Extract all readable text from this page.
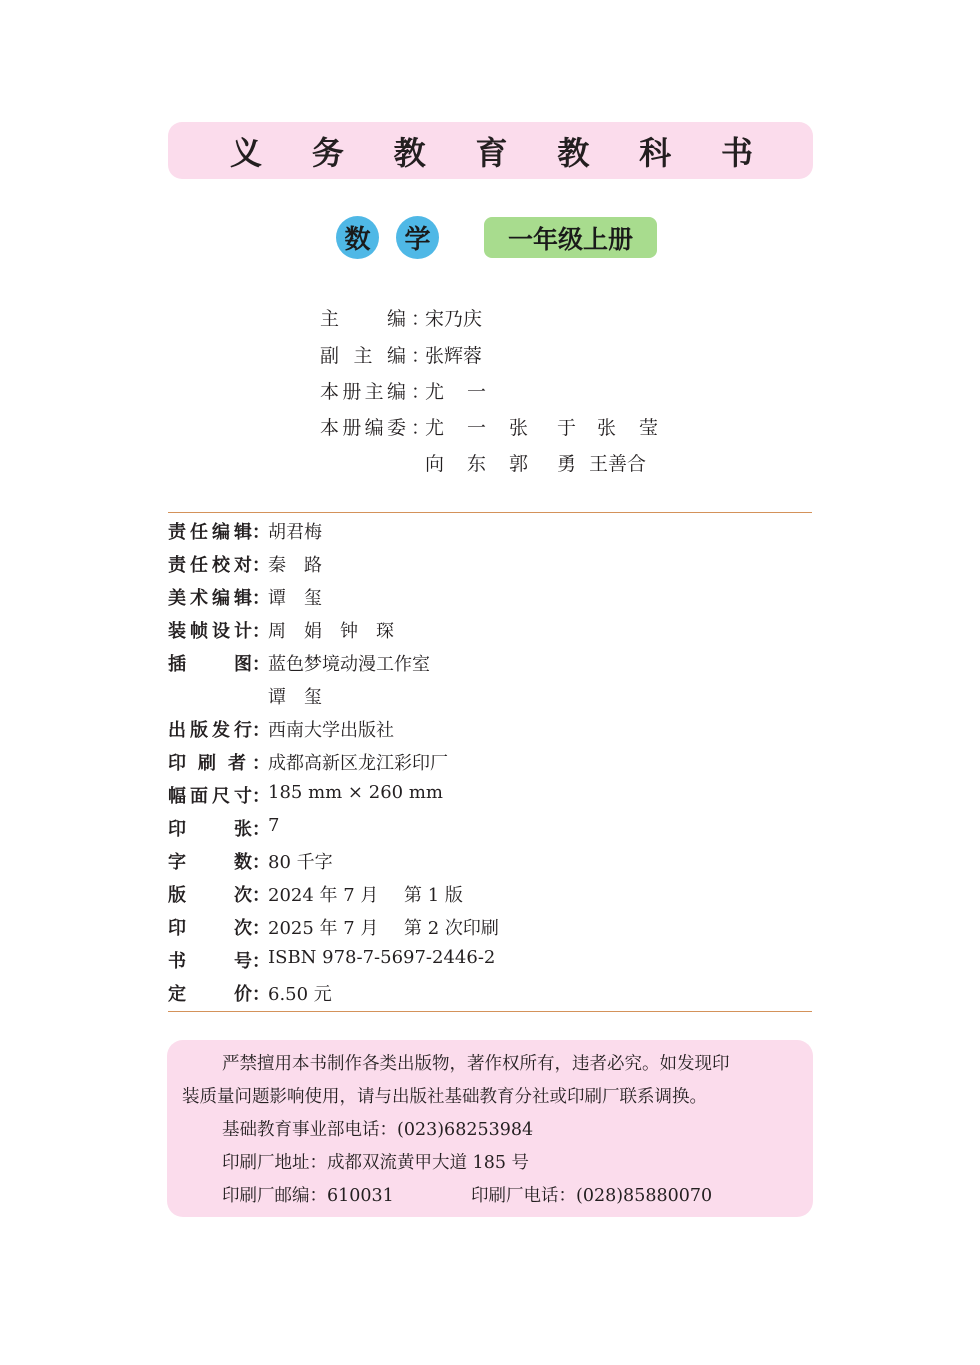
义 务 教 育 教 科 书
数	学	一年级上册
主	编 ：
宋乃庆
副 主 编 ：
张辉蓉
本 册 主 编 ：
尤	一
本 册 编 委 ：
尤	一	张	于	张	莹
向	东	郭	勇 王善合
责 任 编 辑 ：
胡君梅
责 任 校 对 ：
秦　路
美 术 编 辑 ：
谭　玺
装 帧 设 计 ：
周　娟　钟　琛
插	图 ：
蓝色梦境动漫工作室
谭　玺
出 版 发 行 ：
西南大学出版社
印 刷 者 ：
成都高新区龙江彩印厂
幅 面 尺 寸 ：
185 mm × 260 mm
印	张 ：
7
字	数 ：
80 千字
版	次 ：
2024 年 7 月 第 1 版
印	次 ：
2025 年 7 月 第 2 次印刷
书	号 ：
ISBN 978-7-5697-2446-2
定	价 ：
6.50 元
严禁擅用本书制作各类出版物，著作权所有，违者必究。如发现印
装质量问题影响使用，请与出版社基础教育分社或印刷厂联系调换。
基础教育事业部电话：(023)68253984
印刷厂地址：成都双流黄甲大道 185 号
印刷厂邮编：610031	印刷厂电话：(028)85880070
